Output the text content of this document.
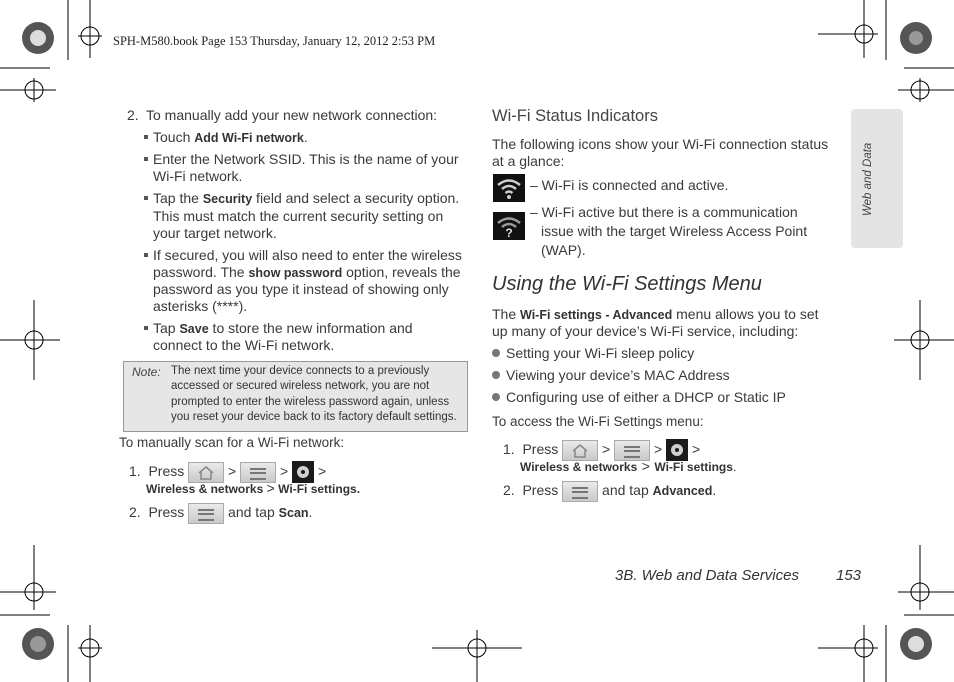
SPH-M580.book Page 153 Thursday, January 12, 2012 2:53 PM
2. To manually add your new network connection:
Touch Add Wi-Fi network.
Enter the Network SSID. This is the name of your
Wi-Fi network.
Tap the Security field and select a security option.
This must match the current security setting on
your target network.
If secured, you will also need to enter the wireless
password. The show password option, reveals the
password as you type it instead of showing only
asterisks (****).
Tap Save to store the new information and
connect to the Wi-Fi network.
Note: The next time your device connects to a previously
accessed or secured wireless network, you are not
prompted to enter the wireless password again, unless
you reset your device back to its factory default settings.
To manually scan for a Wi-Fi network:
1. Press	>	> >
Wireless & networks > Wi-Fi settings.
2. Press	and tap Scan.
Wi-Fi Status Indicators
The following icons show your Wi-Fi connection status
at a glance:
– Wi-Fi is connected and active.
?
– Wi-Fi active but there is a communication
issue with the target Wireless Access Point
(WAP).
Using the Wi-Fi Settings Menu
The Wi-Fi settings - Advanced menu allows you to set
up many of your device’s Wi-Fi service, including:
Setting your Wi-Fi sleep policy
Viewing your device’s MAC Address
Configuring use of either a DHCP or Static IP
To access the Wi-Fi Settings menu:
1. Press	>	> >
Wireless & networks > Wi-Fi settings.
2. Press	and tap Advanced.
Web and Data
3B. Web and Data Services 153
